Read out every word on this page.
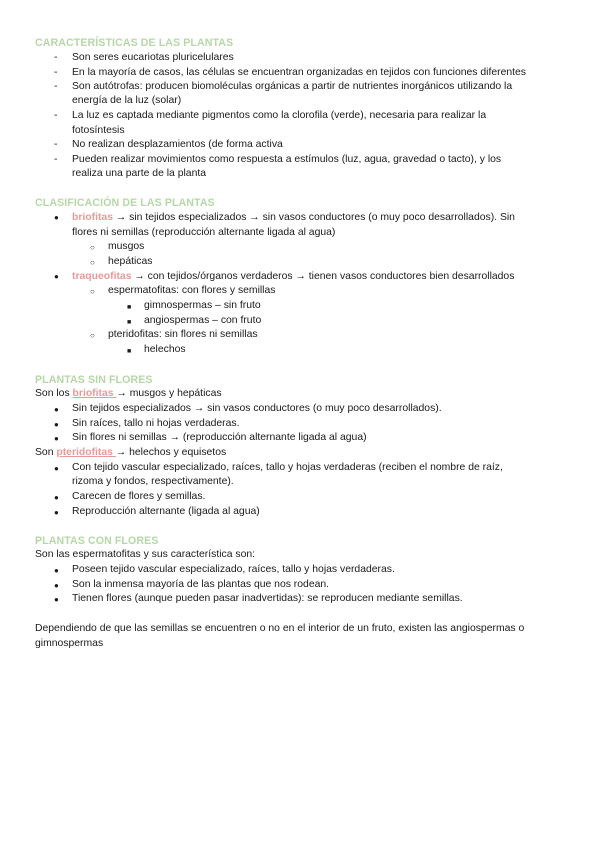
CARACTERÍSTICAS DE LAS PLANTAS
- Son seres eucariotas pluricelulares
- En la mayoría de casos, las células se encuentran organizadas en tejidos con funciones diferentes
- Son autótrofas: producen biomoléculas orgánicas a partir de nutrientes inorgánicos utilizando la
energía de la luz (solar)
- La luz es captada mediante pigmentos como la clorofila (verde), necesaria para realizar la
fotosíntesis
- No realizan desplazamientos (de forma activa
- Pueden realizar movimientos como respuesta a estímulos (luz, agua, gravedad o tacto), y los
realiza una parte de la planta
CLASIFICACIÓN DE LAS PLANTAS
● briofitas → sin tejidos especializados → sin vasos conductores (o muy poco desarrollados). Sin
flores ni semillas (reproducción alternante ligada al agua)
○ musgos
○ hepáticas
● traqueofitas → con tejidos/órganos verdaderos → tienen vasos conductores bien desarrollados
○ espermatofitas: con flores y semillas
■ gimnospermas – sin fruto
■ angiospermas – con fruto
○ pteridofitas: sin flores ni semillas
■ helechos
PLANTAS SIN FLORES
Son los briofitas → musgos y hepáticas
● Sin tejidos especializados → sin vasos conductores (o muy poco desarrollados).
● Sin raíces, tallo ni hojas verdaderas.
● Sin flores ni semillas → (reproducción alternante ligada al agua)
Son pteridofitas → helechos y equisetos
● Con tejido vascular especializado, raíces, tallo y hojas verdaderas (reciben el nombre de raíz,
rizoma y fondos, respectivamente).
● Carecen de flores y semillas.
● Reproducción alternante (ligada al agua)
PLANTAS CON FLORES
Son las espermatofitas y sus característica son:
● Poseen tejido vascular especializado, raíces, tallo y hojas verdaderas.
● Son la inmensa mayoría de las plantas que nos rodean.
● Tienen flores (aunque pueden pasar inadvertidas): se reproducen mediante semillas.
Dependiendo de que las semillas se encuentren o no en el interior de un fruto, existen las angiospermas o
gimnospermas
